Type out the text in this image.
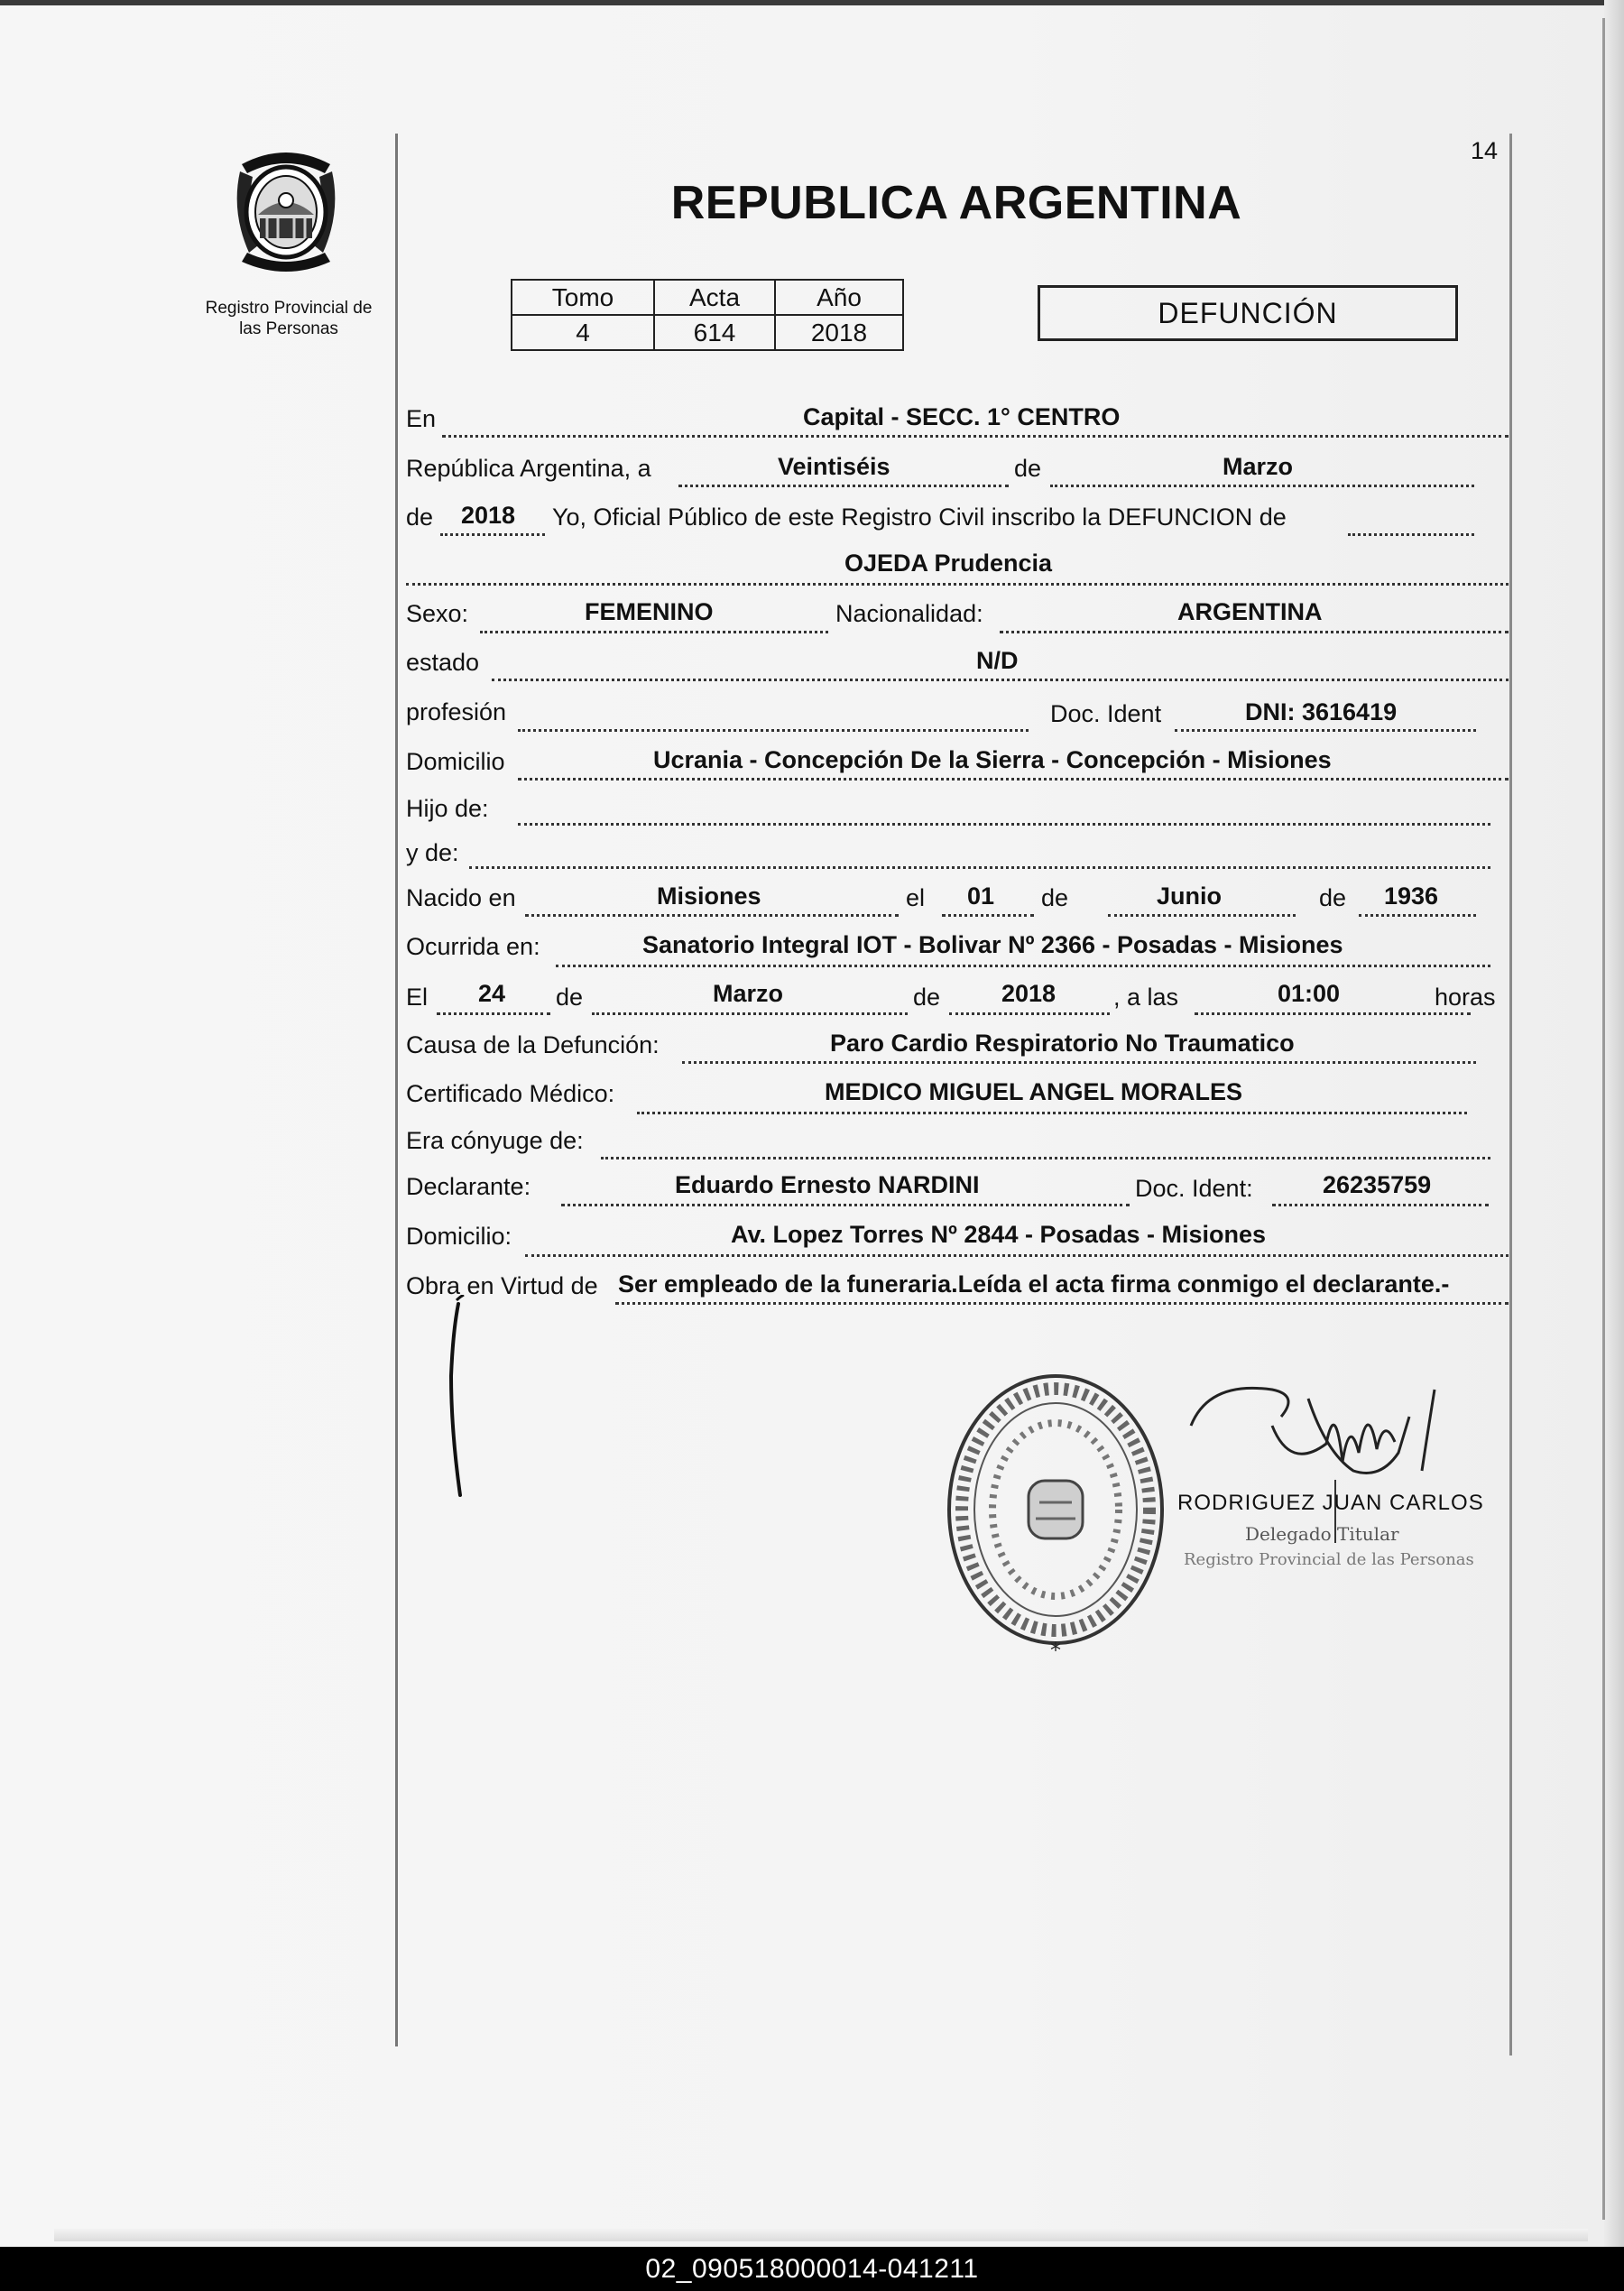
Registro Provincial de
las Personas
14
REPUBLICA ARGENTINA
Tomo	Acta	Año
4	614	2018
DEFUNCIÓN
En	Capital - SECC. 1° CENTRO
República Argentina, a	Veintiséis	de	Marzo
de 2018 Yo, Oficial Público de este Registro Civil inscribo la DEFUNCION de
OJEDA Prudencia
Sexo:	FEMENINO	Nacionalidad:	ARGENTINA
estado	N/D
profesión	Doc. Ident	DNI: 3616419
Domicilio	Ucrania - Concepción De la Sierra - Concepción - Misiones
Hijo de:
y de:
Nacido en	Misiones	el 01 de	Junio	de 1936
Ocurrida en:	Sanatorio Integral IOT - Bolivar Nº 2366 - Posadas - Misiones
El 24 de	Marzo	de	2018 , a las	01:00	horas
Causa de la Defunción:	Paro Cardio Respiratorio No Traumatico
Certificado Médico:	MEDICO MIGUEL ANGEL MORALES
Era cónyuge de:
Declarante:	Eduardo Ernesto NARDINI	Doc. Ident:	26235759
Domicilio:	Av. Lopez Torres Nº 2844 - Posadas - Misiones
Obra en Virtud de Ser empleado de la funeraria.Leída el acta firma conmigo el declarante.-
*
RODRIGUEZ JUAN CARLOS
Delegado Titular
Registro Provincial de las Personas
02_090518000014-041211
